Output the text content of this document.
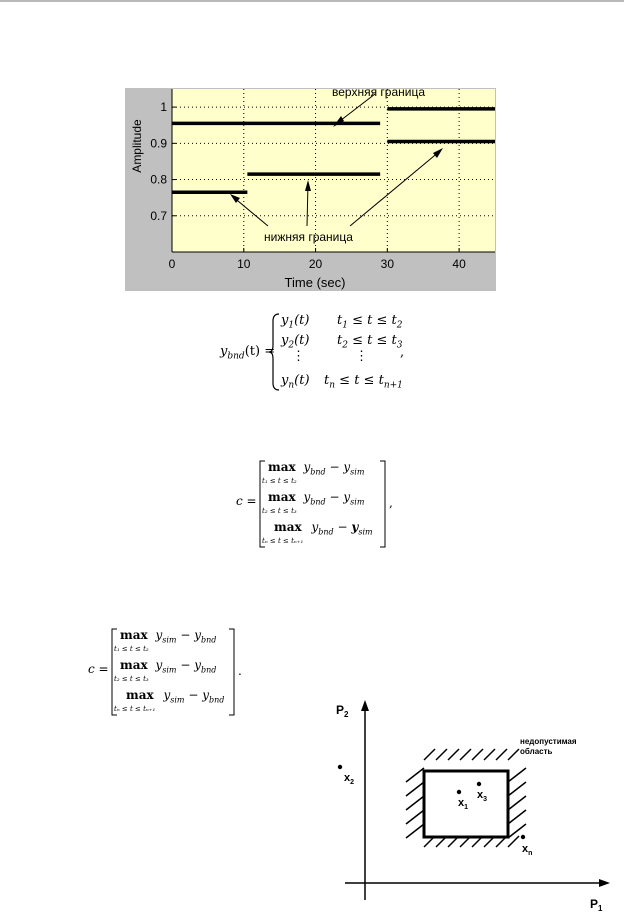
верхняя граница
нижняя граница
0	10	20	30	40
0.7
0.8
0.9
1
Time (sec)
Amplitude
$y_{bnd}(t)$ =
$y_1(t) t_1 \le t \le t_2$
$y_2(t) t_2 \le t \le t_3$
⋮	⋮ ,
$y_n(t) t_n \le t \le t_{n+1}$
c =	,
$\max y_{bnd} - y_{sim}$
t₁ ≤ t ≤ t₂
$\max y_{bnd} - y_{sim}$
t₂ ≤ t ≤ t₃
$\max y_{bnd} - y_{sim}$
tₙ ≤ t ≤ tₙ₊₁
c =	.
$\max y_{sim} - y_{bnd}$
t₁ ≤ t ≤ t₂
$\max y_{sim} - y_{bnd}$
t₂ ≤ t ≤ t₃
$\max y_{sim} - y_{bnd}$
tₙ ≤ t ≤ tₙ₊₁	$P_2$
$P_1$
недопустимая
область
$x_2$
$x_1$
$x_3$
$x_n$
